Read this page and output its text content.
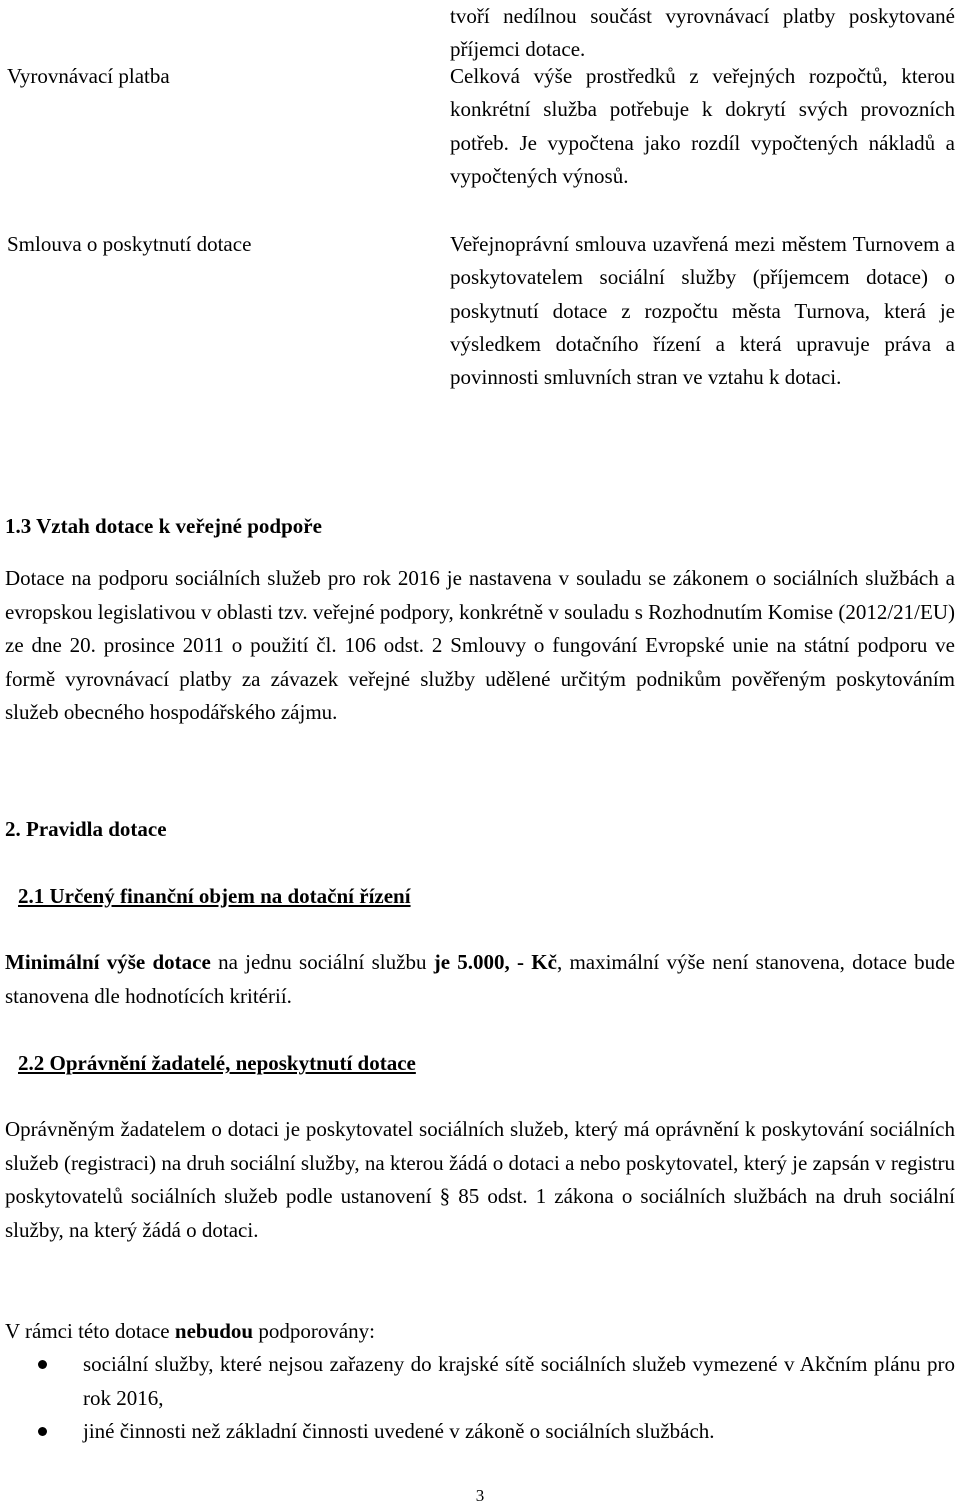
tvoří nedílnou součást vyrovnávací platby poskytované příjemci dotace.

Vyrovnávací platba	Celková výše prostředků z veřejných rozpočtů, kterou konkrétní služba potřebuje k dokrytí svých provozních potřeb. Je vypočtena jako rozdíl vypočtených nákladů a vypočtených výnosů.

Smlouva o poskytnutí dotace	Veřejnoprávní smlouva uzavřená mezi městem Turnovem a poskytovatelem sociální služby (příjemcem dotace) o poskytnutí dotace z rozpočtu města Turnova, která je výsledkem dotačního řízení a která upravuje práva a povinnosti smluvních stran ve vztahu k dotaci.

1.3 Vztah dotace k veřejné podpoře

Dotace na podporu sociálních služeb pro rok 2016 je nastavena v souladu se zákonem o sociálních službách a evropskou legislativou v oblasti tzv. veřejné podpory, konkrétně v souladu s Rozhodnutím Komise (2012/21/EU) ze dne 20. prosince 2011 o použití čl. 106 odst. 2 Smlouvy o fungování Evropské unie na státní podporu ve formě vyrovnávací platby za závazek veřejné služby udělené určitým podnikům pověřeným poskytováním služeb obecného hospodářského zájmu.

2. Pravidla dotace
2.1 Určený finanční objem na dotační řízení

Minimální výše dotace na jednu sociální službu je 5.000, - Kč, maximální výše není stanovena, dotace bude stanovena dle hodnotících kritérií.

2.2 Oprávnění žadatelé, neposkytnutí dotace

Oprávněným žadatelem o dotaci je poskytovatel sociálních služeb, který má oprávnění k poskytování sociálních služeb (registraci) na druh sociální služby, na kterou žádá o dotaci a nebo poskytovatel, který je zapsán v registru poskytovatelů sociálních služeb podle ustanovení § 85 odst. 1 zákona o sociálních službách na druh sociální služby, na který žádá o dotaci.

V rámci této dotace nebudou podporovány:

sociální služby, které nejsou zařazeny do krajské sítě sociálních služeb vymezené v Akčním plánu pro rok 2016,
jiné činnosti než základní činnosti uvedené v zákoně o sociálních službách.
3
